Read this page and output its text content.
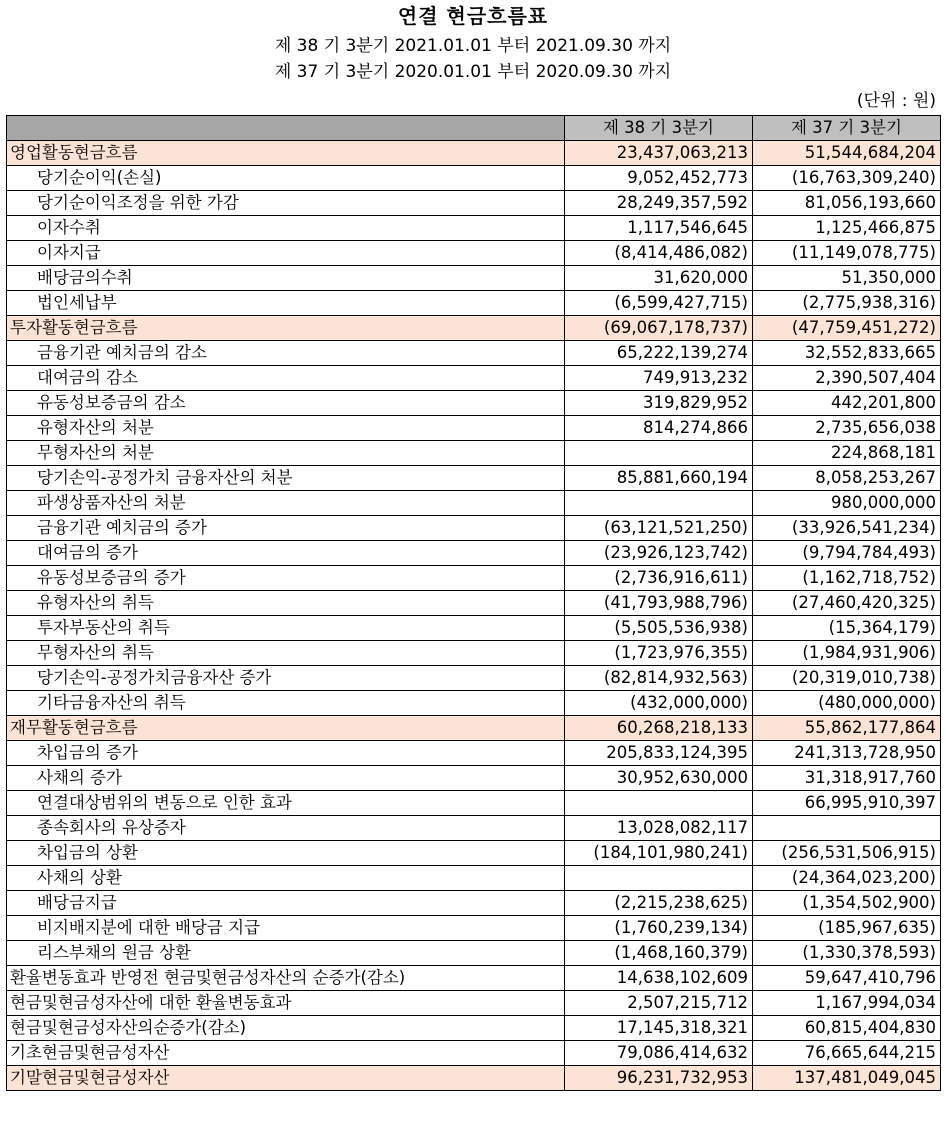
연결 현금흐름표
제 38 기 3분기 2021.01.01 부터 2021.09.30 까지
제 37 기 3분기 2020.01.01 부터 2020.09.30 까지
(단위 : 원)
	제 38 기 3분기	제 37 기 3분기
영업활동현금흐름	23,437,063,213	51,544,684,204
당기순이익(손실)	9,052,452,773	(16,763,309,240)
당기순이익조정을 위한 가감	28,249,357,592	81,056,193,660
이자수취	1,117,546,645	1,125,466,875
이자지급	(8,414,486,082)	(11,149,078,775)
배당금의수취	31,620,000	51,350,000
법인세납부	(6,599,427,715)	(2,775,938,316)
투자활동현금흐름	(69,067,178,737)	(47,759,451,272)
금융기관 예치금의 감소	65,222,139,274	32,552,833,665
대여금의 감소	749,913,232	2,390,507,404
유동성보증금의 감소	319,829,952	442,201,800
유형자산의 처분	814,274,866	2,735,656,038
무형자산의 처분		224,868,181
당기손익-공정가치 금융자산의 처분	85,881,660,194	8,058,253,267
파생상품자산의 처분		980,000,000
금융기관 예치금의 증가	(63,121,521,250)	(33,926,541,234)
대여금의 증가	(23,926,123,742)	(9,794,784,493)
유동성보증금의 증가	(2,736,916,611)	(1,162,718,752)
유형자산의 취득	(41,793,988,796)	(27,460,420,325)
투자부동산의 취득	(5,505,536,938)	(15,364,179)
무형자산의 취득	(1,723,976,355)	(1,984,931,906)
당기손익-공정가치금융자산 증가	(82,814,932,563)	(20,319,010,738)
기타금융자산의 취득	(432,000,000)	(480,000,000)
재무활동현금흐름	60,268,218,133	55,862,177,864
차입금의 증가	205,833,124,395	241,313,728,950
사채의 증가	30,952,630,000	31,318,917,760
연결대상범위의 변동으로 인한 효과		66,995,910,397
종속회사의 유상증자	13,028,082,117	
차입금의 상환	(184,101,980,241)	(256,531,506,915)
사채의 상환		(24,364,023,200)
배당금지급	(2,215,238,625)	(1,354,502,900)
비지배지분에 대한 배당금 지급	(1,760,239,134)	(185,967,635)
리스부채의 원금 상환	(1,468,160,379)	(1,330,378,593)
환율변동효과 반영전 현금및현금성자산의 순증가(감소)	14,638,102,609	59,647,410,796
현금및현금성자산에 대한 환율변동효과	2,507,215,712	1,167,994,034
현금및현금성자산의순증가(감소)	17,145,318,321	60,815,404,830
기초현금및현금성자산	79,086,414,632	76,665,644,215
기말현금및현금성자산	96,231,732,953	137,481,049,045
